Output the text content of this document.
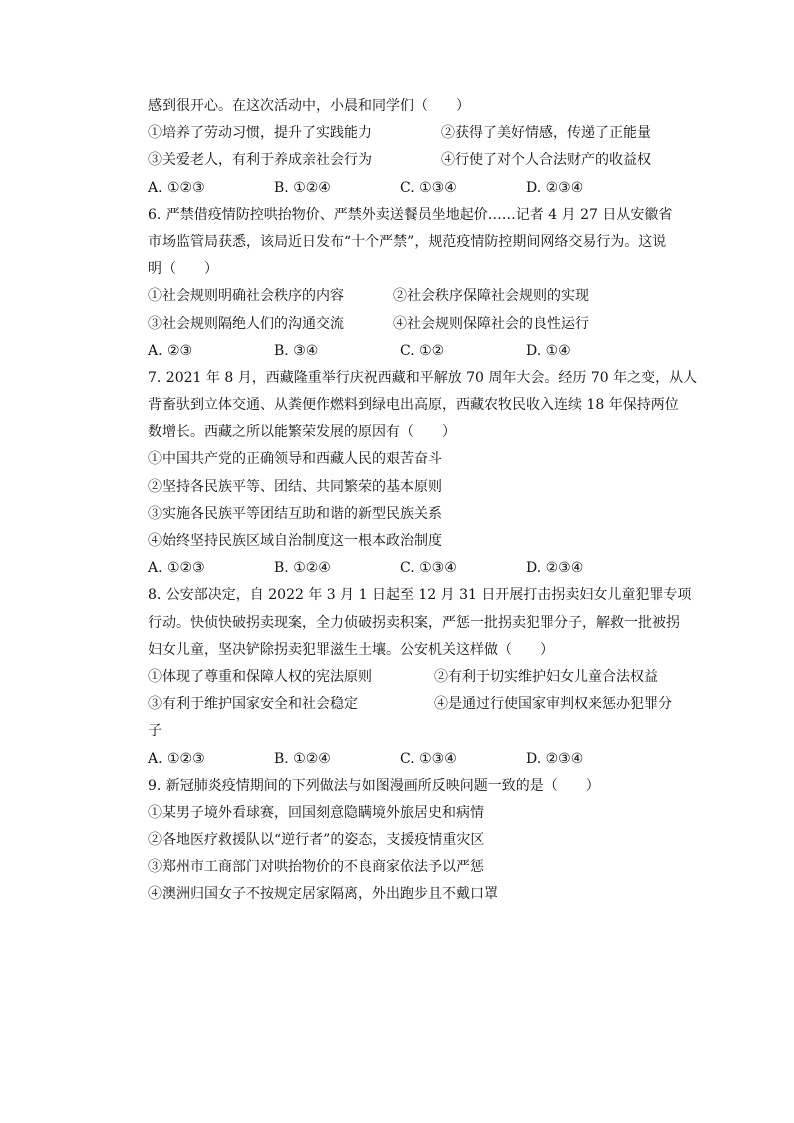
感到很开心。在这次活动中，小晨和同学们（　　）
①培养了劳动习惯，提升了实践能力	②获得了美好情感，传递了正能量
③关爱老人，有利于养成亲社会行为	④行使了对个人合法财产的收益权
A. ①②③	B. ①②④	C. ①③④	D. ②③④
6. 严禁借疫情防控哄抬物价、严禁外卖送餐员坐地起价……记者 4 月 27 日从安徽省
市场监管局获悉，该局近日发布“十个严禁”，规范疫情防控期间网络交易行为。这说
明（　　）
①社会规则明确社会秩序的内容	②社会秩序保障社会规则的实现
③社会规则隔绝人们的沟通交流	④社会规则保障社会的良性运行
A. ②③	B. ③④	C. ①②	D. ①④
7. 2021 年 8 月，西藏隆重举行庆祝西藏和平解放 70 周年大会。经历 70 年之变，从人
背畜驮到立体交通、从粪便作燃料到绿电出高原，西藏农牧民收入连续 18 年保持两位
数增长。西藏之所以能繁荣发展的原因有（　　）
①中国共产党的正确领导和西藏人民的艰苦奋斗
②坚持各民族平等、团结、共同繁荣的基本原则
③实施各民族平等团结互助和谐的新型民族关系
④始终坚持民族区域自治制度这一根本政治制度
A. ①②③	B. ①②④	C. ①③④	D. ②③④
8. 公安部决定，自 2022 年 3 月 1 日起至 12 月 31 日开展打击拐卖妇女儿童犯罪专项
行动。快侦快破拐卖现案，全力侦破拐卖积案，严惩一批拐卖犯罪分子，解救一批被拐
妇女儿童，坚决铲除拐卖犯罪滋生土壤。公安机关这样做（　　）
①体现了尊重和保障人权的宪法原则	②有利于切实维护妇女儿童合法权益
③有利于维护国家安全和社会稳定	④是通过行使国家审判权来惩办犯罪分
子
A. ①②③	B. ①②④	C. ①③④	D. ②③④
9. 新冠肺炎疫情期间的下列做法与如图漫画所反映问题一致的是（　　）
①某男子境外看球赛，回国刻意隐瞒境外旅居史和病情
②各地医疗救援队以“逆行者”的姿态，支援疫情重灾区
③郑州市工商部门对哄抬物价的不良商家依法予以严惩
④澳洲归国女子不按规定居家隔离，外出跑步且不戴口罩
